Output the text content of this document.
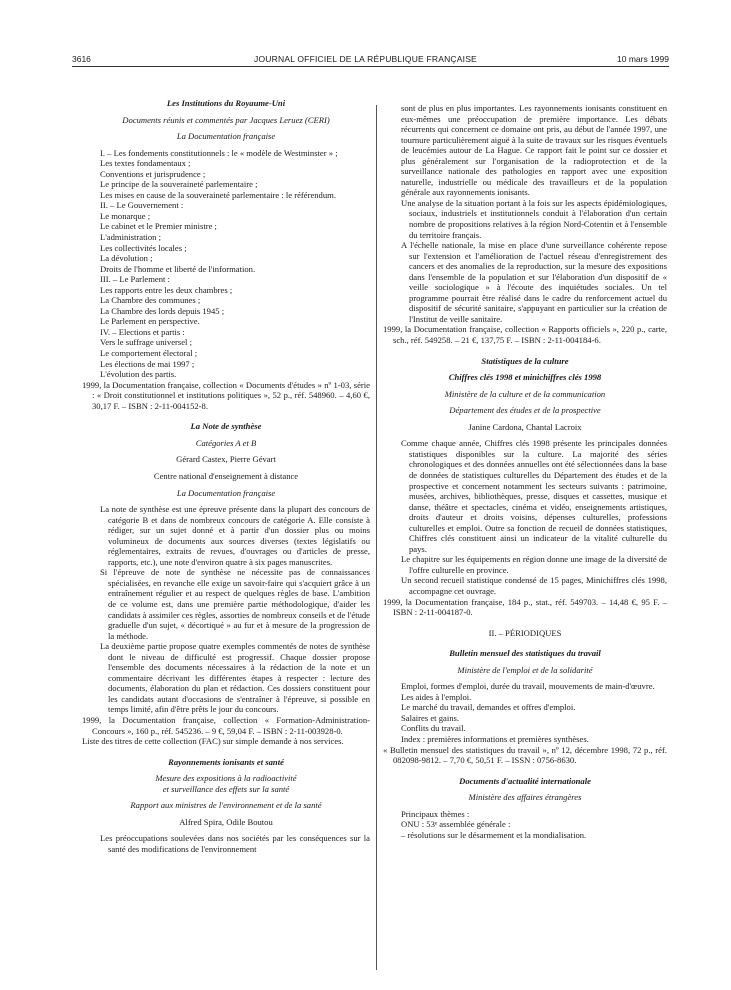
3616	JOURNAL OFFICIEL DE LA RÉPUBLIQUE FRANÇAISE	10 mars 1999

Les Institutions du Royaume-Uni

Documents réunis et commentés par Jacques Leruez (CERI)

La Documentation française

I. – Les fondements constitutionnels : le « modèle de Westminster » ;

Les textes fondamentaux ;

Conventions et jurisprudence ;

Le principe de la souveraineté parlementaire ;

Les mises en cause de la souveraineté parlementaire : le référendum.

II. – Le Gouvernement :

Le monarque ;

Le cabinet et le Premier ministre ;

L'administration ;

Les collectivités locales ;

La dévolution ;

Droits de l'homme et liberté de l'information.

III. – Le Parlement :

Les rapports entre les deux chambres ;

La Chambre des communes ;

La Chambre des lords depuis 1945 ;

Le Parlement en perspective.

IV. – Elections et partis :

Vers le suffrage universel ;

Le comportement électoral ;

Les élections de mai 1997 ;

L'évolution des partis.

1999, la Documentation française, collection « Documents d'études » nº 1-03, série : « Droit constitutionnel et institutions politiques », 52 p., réf. 548960. – 4,60 €, 30,17 F. – ISBN : 2-11-004152-8.

La Note de synthèse

Catégories A et B

Gérard Castex, Pierre Gévart

Centre national d'enseignement à distance

La Documentation française

La note de synthèse est une épreuve présente dans la plupart des concours de catégorie B et dans de nombreux concours de catégorie A. Elle consiste à rédiger, sur un sujet donné et à partir d'un dossier plus ou moins volumineux de documents aux sources diverses (textes législatifs ou réglementaires, extraits de revues, d'ouvrages ou d'articles de presse, rapports, etc.), une note d'environ quatre à six pages manuscrites.

Si l'épreuve de note de synthèse ne nécessite pas de connaissances spécialisées, en revanche elle exige un savoir-faire qui s'acquiert grâce à un entraînement régulier et au respect de quelques règles de base. L'ambition de ce volume est, dans une première partie méthodologique, d'aider les candidats à assimiler ces règles, assorties de nombreux conseils et de l'étude graduelle d'un sujet, « décortiqué » au fur et à mesure de la progression de la méthode.

La deuxième partie propose quatre exemples commentés de notes de synthèse dont le niveau de difficulté est progressif. Chaque dossier propose l'ensemble des documents nécessaires à la rédaction de la note et un commentaire décrivant les différentes étapes à respecter : lecture des documents, élaboration du plan et rédaction. Ces dossiers constituent pour les candidats autant d'occasions de s'entraîner à l'épreuve, si possible en temps limité, afin d'être prêts le jour du concours.

1999, la Documentation française, collection « Formation-Administration-Concours », 160 p., réf. 545236. – 9 €, 59,04 F. – ISBN : 2-11-003928-0.

Liste des titres de cette collection (FAC) sur simple demande à nos services.

Rayonnements ionisants et santé

Mesure des expositions à la radioactivité

et surveillance des effets sur la santé

Rapport aux ministres de l'environnement et de la santé

Alfred Spira, Odile Boutou

Les préoccupations soulevées dans nos sociétés par les conséquences sur la santé des modifications de l'environnement

sont de plus en plus importantes. Les rayonnements ionisants constituent en eux-mêmes une préoccupation de première importance. Les débats récurrents qui concernent ce domaine ont pris, au début de l'année 1997, une tournure particulièrement aiguë à la suite de travaux sur les risques éventuels de leucémies autour de La Hague. Ce rapport fait le point sur ce dossier et plus généralement sur l'organisation de la radioprotection et de la surveillance nationale des pathologies en rapport avec une exposition naturelle, industrielle ou médicale des travailleurs et de la population générale aux rayonnements ionisants.

Une analyse de la situation portant à la fois sur les aspects épidémiologiques, sociaux, industriels et institutionnels conduit à l'élaboration d'un certain nombre de propositions relatives à la région Nord-Cotentin et à l'ensemble du territoire français.

A l'échelle nationale, la mise en place d'une surveillance cohérente repose sur l'extension et l'amélioration de l'actuel réseau d'enregistrement des cancers et des anomalies de la reproduction, sur la mesure des expositions dans l'ensemble de la population et sur l'élaboration d'un dispositif de « veille sociologique » à l'écoute des inquiétudes sociales. Un tel programme pourrait être réalisé dans le cadre du renforcement actuel du dispositif de sécurité sanitaire, s'appuyant en particulier sur la création de l'Institut de veille sanitaire.

1999, la Documentation française, collection « Rapports officiels », 220 p., carte, sch., réf. 549258. – 21 €, 137,75 F. – ISBN : 2-11-004184-6.

Statistiques de la culture

Chiffres clés 1998 et minichiffres clés 1998

Ministère de la culture et de la communication

Département des études et de la prospective

Janine Cardona, Chantal Lacroix

Comme chaque année, Chiffres clés 1998 présente les principales données statistiques disponibles sur la culture. La majorité des séries chronologiques et des données annuelles ont été sélectionnées dans la base de données de statistiques culturelles du Département des études et de la prospective et concernent notamment les secteurs suivants : patrimoine, musées, archives, bibliothèques, presse, disques et cassettes, musique et danse, théâtre et spectacles, cinéma et vidéo, enseignements artistiques, droits d'auteur et droits voisins, dépenses culturelles, professions culturelles et emploi. Outre sa fonction de recueil de données statistiques, Chiffres clés constituent ainsi un indicateur de la vitalité culturelle du pays.

Le chapitre sur les équipements en région donne une image de la diversité de l'offre culturelle en province.

Un second recueil statistique condensé de 15 pages, Minichiffres clés 1998, accompagne cet ouvrage.

1999, la Documentation française, 184 p., stat., réf. 549703. – 14,48 €, 95 F. – ISBN : 2-11-004187-0.

II. – PÉRIODIQUES

Bulletin mensuel des statistiques du travail

Ministère de l'emploi et de la solidarité

Emploi, formes d'emploi, durée du travail, mouvements de main-d'œuvre.

Les aides à l'emploi.

Le marché du travail, demandes et offres d'emploi.

Salaires et gains.

Conflits du travail.

Index : premières informations et premières synthèses.

« Bulletin mensuel des statistiques du travail », nº 12, décembre 1998, 72 p., réf. 082098-9812. – 7,70 €, 50,51 F. – ISSN : 0756-8630.

Documents d'actualité internationale

Ministère des affaires étrangères

Principaux thèmes :

ONU : 53ᵉ assemblée générale :

– résolutions sur le désarmement et la mondialisation.
